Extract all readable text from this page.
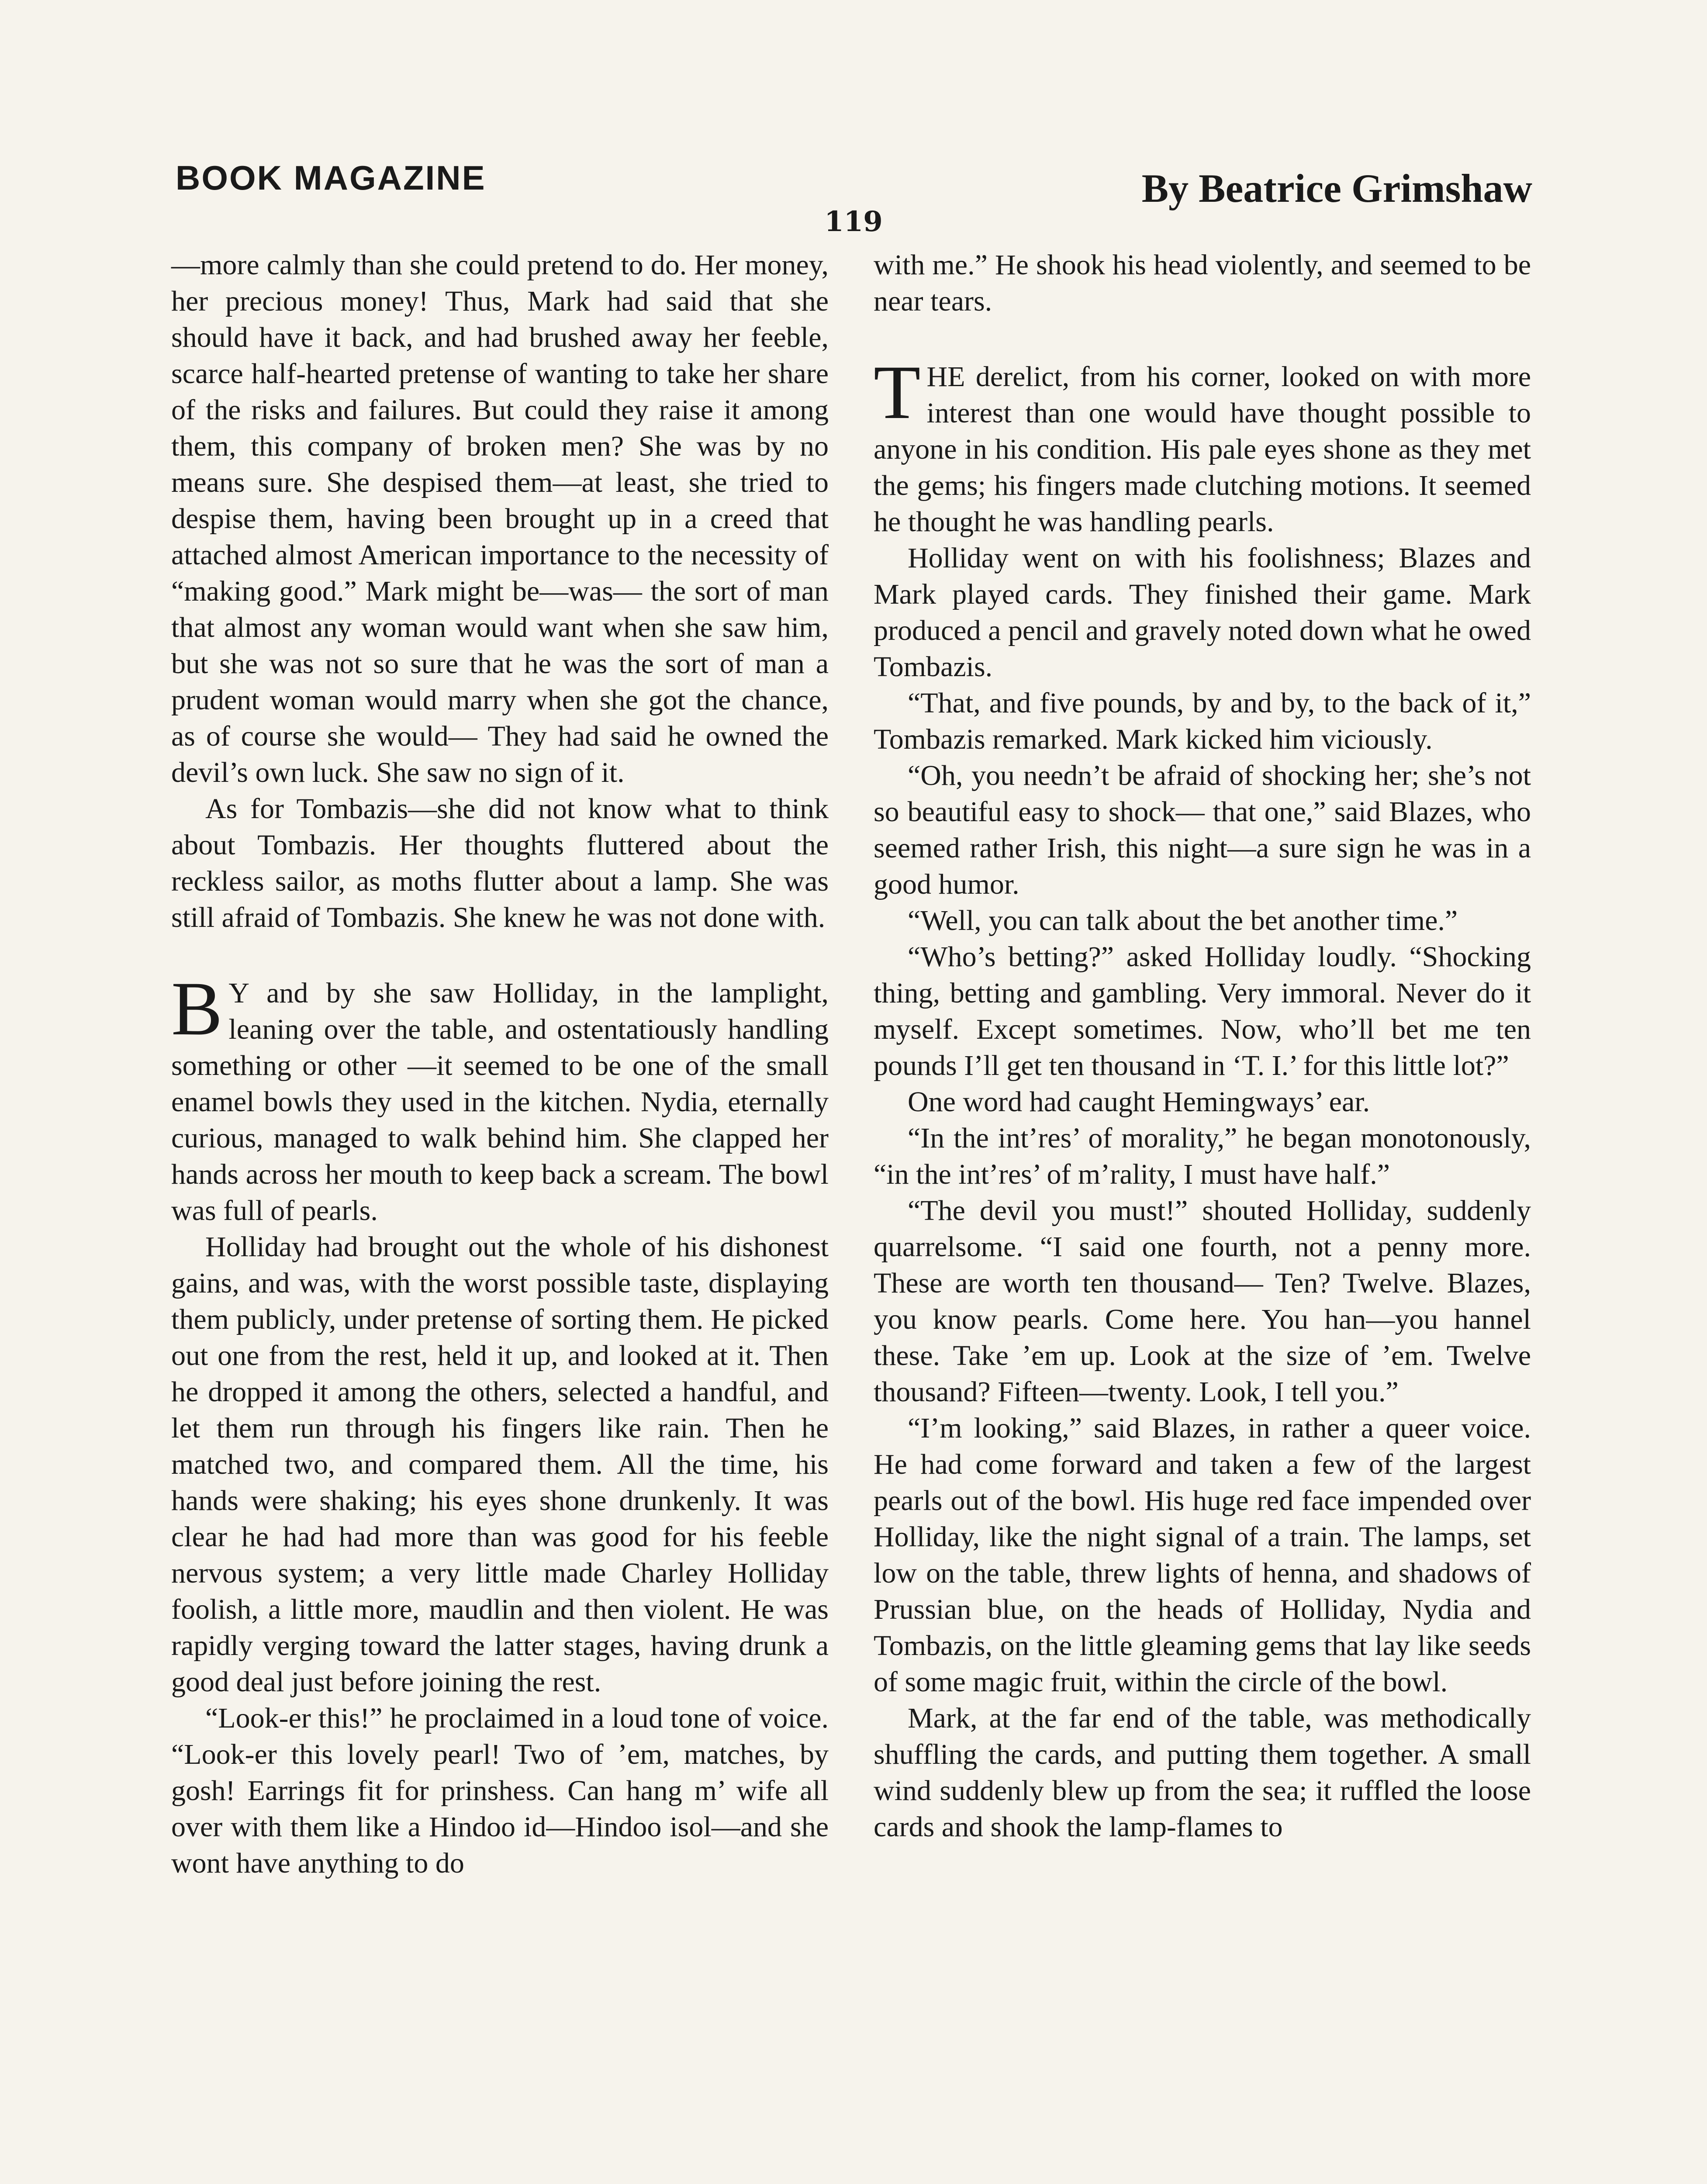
BOOK MAGAZINE	By Beatrice Grimshaw
119

—more calmly than she could pretend to do. Her money, her precious money! Thus, Mark had said that she should have it back, and had brushed away her feeble, scarce half-hearted pretense of wanting to take her share of the risks and failures. But could they raise it among them, this company of broken men? She was by no means sure. She despised them—at least, she tried to despise them, having been brought up in a creed that attached almost American importance to the necessity of “making good.” Mark might be—was— the sort of man that almost any woman would want when she saw him, but she was not so sure that he was the sort of man a prudent woman would marry when she got the chance, as of course she would— They had said he owned the devil’s own luck. She saw no sign of it.

As for Tombazis—she did not know what to think about Tombazis. Her thoughts fluttered about the reckless sailor, as moths flutter about a lamp. She was still afraid of Tombazis. She knew he was not done with.

B Y and by she saw Holliday, in the lamplight, leaning over the table, and ostentatiously handling something or other —it seemed to be one of the small enamel bowls they used in the kitchen. Nydia, eternally curious, managed to walk behind him. She clapped her hands across her mouth to keep back a scream. The bowl was full of pearls.

Holliday had brought out the whole of his dishonest gains, and was, with the worst possible taste, displaying them publicly, under pretense of sorting them. He picked out one from the rest, held it up, and looked at it. Then he dropped it among the others, selected a handful, and let them run through his fingers like rain. Then he matched two, and compared them. All the time, his hands were shaking; his eyes shone drunkenly. It was clear he had had more than was good for his feeble nervous system; a very little made Charley Holliday foolish, a little more, maudlin and then violent. He was rapidly verging toward the latter stages, having drunk a good deal just before joining the rest.

“Look-er this!” he proclaimed in a loud tone of voice. “Look-er this lovely pearl! Two of ’em, matches, by gosh! Earrings fit for prinshess. Can hang m’ wife all over with them like a Hindoo id—Hindoo isol—and she wont have anything to do

with me.” He shook his head violently, and seemed to be near tears.

THE derelict, from his corner, looked on with more interest than one would have thought possible to anyone in his condition. His pale eyes shone as they met the gems; his fingers made clutching motions. It seemed he thought he was handling pearls.

Holliday went on with his foolishness; Blazes and Mark played cards. They finished their game. Mark produced a pencil and gravely noted down what he owed Tombazis.

“That, and five pounds, by and by, to the back of it,” Tombazis remarked. Mark kicked him viciously.

“Oh, you needn’t be afraid of shocking her; she’s not so beautiful easy to shock— that one,” said Blazes, who seemed rather Irish, this night—a sure sign he was in a good humor.

“Well, you can talk about the bet another time.”

“Who’s betting?” asked Holliday loudly. “Shocking thing, betting and gambling. Very immoral. Never do it myself. Except sometimes. Now, who’ll bet me ten pounds I’ll get ten thousand in ‘T. I.’ for this little lot?”

One word had caught Hemingways’ ear.

“In the int’res’ of morality,” he began monotonously, “in the int’res’ of m’rality, I must have half.”

“The devil you must!” shouted Holliday, suddenly quarrelsome. “I said one fourth, not a penny more. These are worth ten thousand— Ten? Twelve. Blazes, you know pearls. Come here. You han—you hannel these. Take ’em up. Look at the size of ’em. Twelve thousand? Fifteen—twenty. Look, I tell you.”

“I’m looking,” said Blazes, in rather a queer voice. He had come forward and taken a few of the largest pearls out of the bowl. His huge red face impended over Holliday, like the night signal of a train. The lamps, set low on the table, threw lights of henna, and shadows of Prussian blue, on the heads of Holliday, Nydia and Tombazis, on the little gleaming gems that lay like seeds of some magic fruit, within the circle of the bowl.

Mark, at the far end of the table, was methodically shuffling the cards, and putting them together. A small wind suddenly blew up from the sea; it ruffled the loose cards and shook the lamp-flames to
